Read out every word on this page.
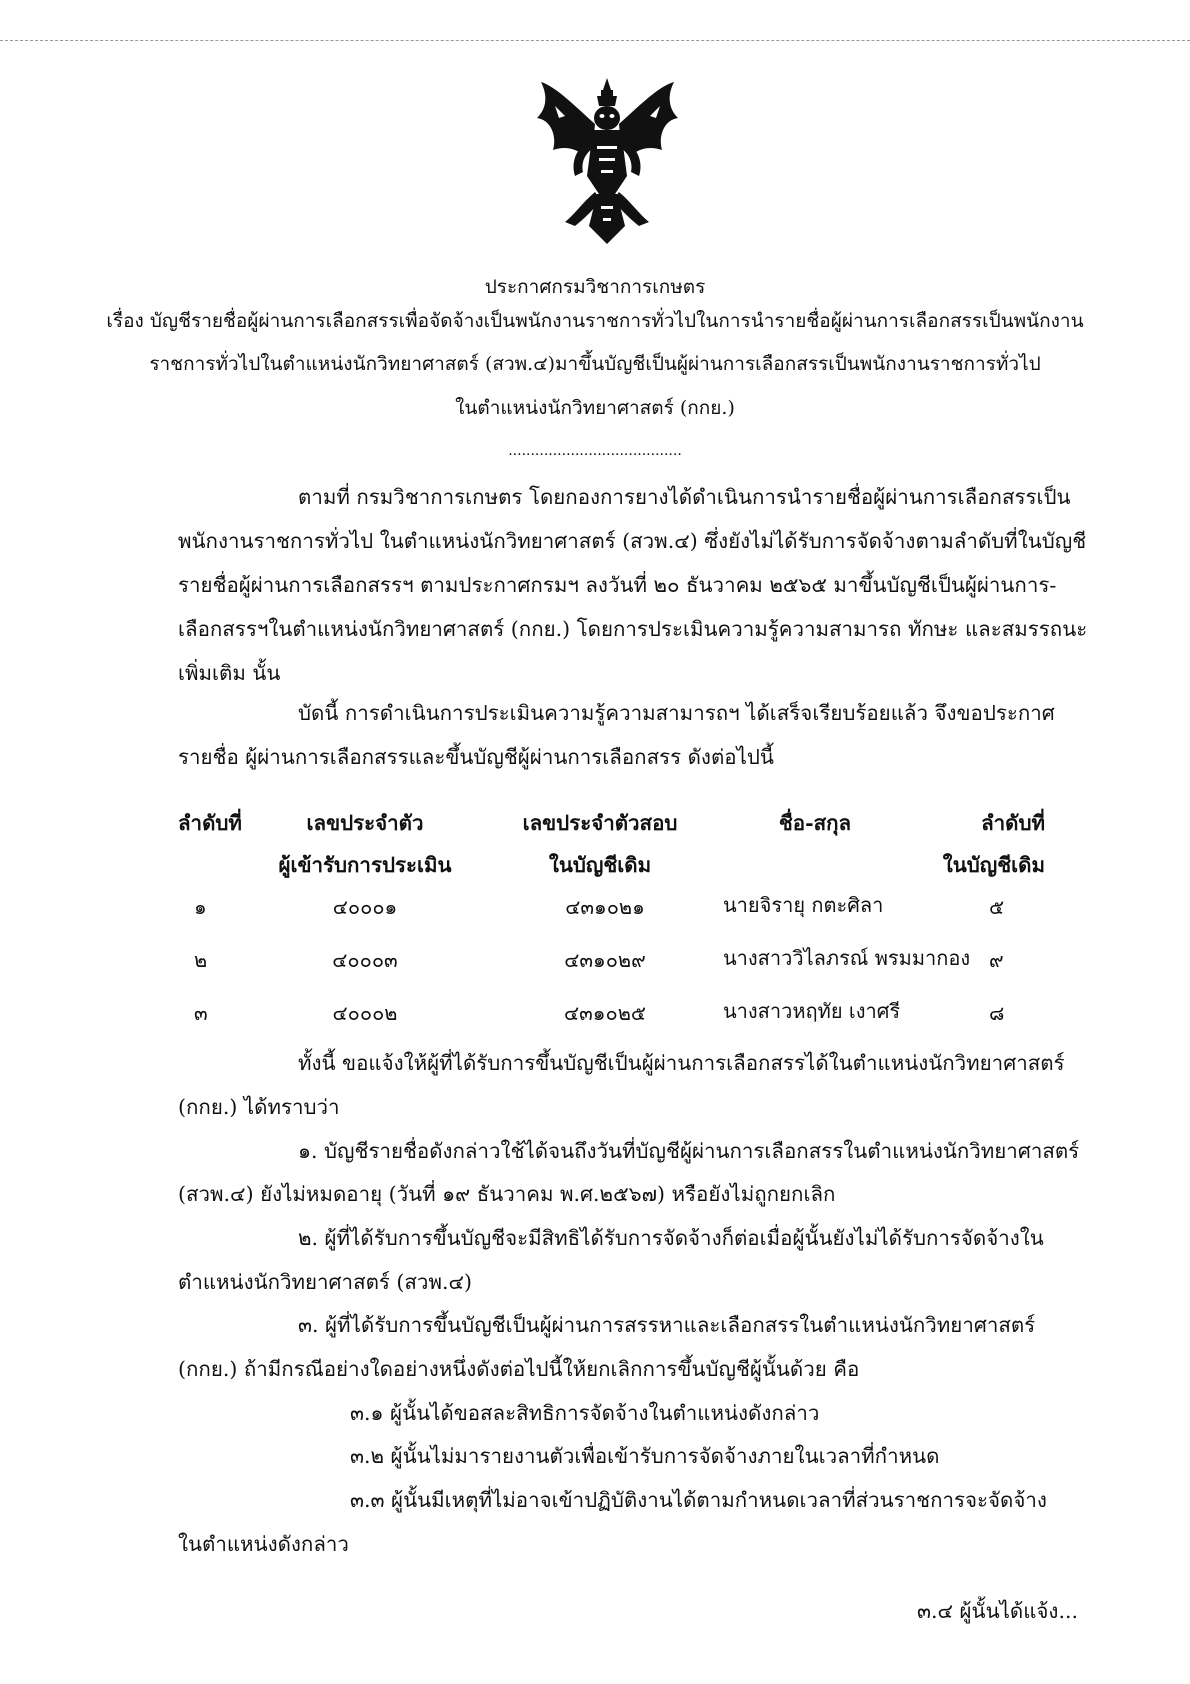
ประกาศกรมวิชาการเกษตร
เรื่อง บัญชีรายชื่อผู้ผ่านการเลือกสรรเพื่อจัดจ้างเป็นพนักงานราชการทั่วไปในการนำรายชื่อผู้ผ่านการเลือกสรรเป็นพนักงาน
ราชการทั่วไปในตำแหน่งนักวิทยาศาสตร์ (สวพ.๔)มาขึ้นบัญชีเป็นผู้ผ่านการเลือกสรรเป็นพนักงานราชการทั่วไป
ในตำแหน่งนักวิทยาศาสตร์ (กกย.)
.......................................
ตามที่ กรมวิชาการเกษตร โดยกองการยางได้ดำเนินการนำรายชื่อผู้ผ่านการเลือกสรรเป็น
พนักงานราชการทั่วไป ในตำแหน่งนักวิทยาศาสตร์ (สวพ.๔) ซึ่งยังไม่ได้รับการจัดจ้างตามลำดับที่ในบัญชี
รายชื่อผู้ผ่านการเลือกสรรฯ ตามประกาศกรมฯ ลงวันที่ ๒๐ ธันวาคม ๒๕๖๕ มาขึ้นบัญชีเป็นผู้ผ่านการ-
เลือกสรรฯในตำแหน่งนักวิทยาศาสตร์ (กกย.) โดยการประเมินความรู้ความสามารถ ทักษะ และสมรรถนะ
เพิ่มเติม นั้น
บัดนี้ การดำเนินการประเมินความรู้ความสามารถฯ ได้เสร็จเรียบร้อยแล้ว จึงขอประกาศ
รายชื่อ ผู้ผ่านการเลือกสรรและขึ้นบัญชีผู้ผ่านการเลือกสรร ดังต่อไปนี้
ลำดับที่	เลขประจำตัว
ผู้เข้ารับการประเมิน
เลขประจำตัวสอบ
ในบัญชีเดิม
ชื่อ-สกุล	ลำดับที่
ในบัญชีเดิม
๑	๔๐๐๐๑	๔๓๑๐๒๑	นายจิรายุ กตะศิลา	๕
๒	๔๐๐๐๓	๔๓๑๐๒๙	นางสาววิไลภรณ์ พรมมากอง ๙
๓	๔๐๐๐๒	๔๓๑๐๒๕	นางสาวหฤทัย เงาศรี	๘
ทั้งนี้ ขอแจ้งให้ผู้ที่ได้รับการขึ้นบัญชีเป็นผู้ผ่านการเลือกสรรได้ในตำแหน่งนักวิทยาศาสตร์
(กกย.) ได้ทราบว่า
๑. บัญชีรายชื่อดังกล่าวใช้ได้จนถึงวันที่บัญชีผู้ผ่านการเลือกสรรในตำแหน่งนักวิทยาศาสตร์
(สวพ.๔) ยังไม่หมดอายุ (วันที่ ๑๙ ธันวาคม พ.ศ.๒๕๖๗) หรือยังไม่ถูกยกเลิก
๒. ผู้ที่ได้รับการขึ้นบัญชีจะมีสิทธิได้รับการจัดจ้างก็ต่อเมื่อผู้นั้นยังไม่ได้รับการจัดจ้างใน
ตำแหน่งนักวิทยาศาสตร์ (สวพ.๔)
๓. ผู้ที่ได้รับการขึ้นบัญชีเป็นผู้ผ่านการสรรหาและเลือกสรรในตำแหน่งนักวิทยาศาสตร์
(กกย.) ถ้ามีกรณีอย่างใดอย่างหนึ่งดังต่อไปนี้ให้ยกเลิกการขึ้นบัญชีผู้นั้นด้วย คือ
๓.๑ ผู้นั้นได้ขอสละสิทธิการจัดจ้างในตำแหน่งดังกล่าว
๓.๒ ผู้นั้นไม่มารายงานตัวเพื่อเข้ารับการจัดจ้างภายในเวลาที่กำหนด
๓.๓ ผู้นั้นมีเหตุที่ไม่อาจเข้าปฏิบัติงานได้ตามกำหนดเวลาที่ส่วนราชการจะจัดจ้าง
ในตำแหน่งดังกล่าว
๓.๔ ผู้นั้นได้แจ้ง...
